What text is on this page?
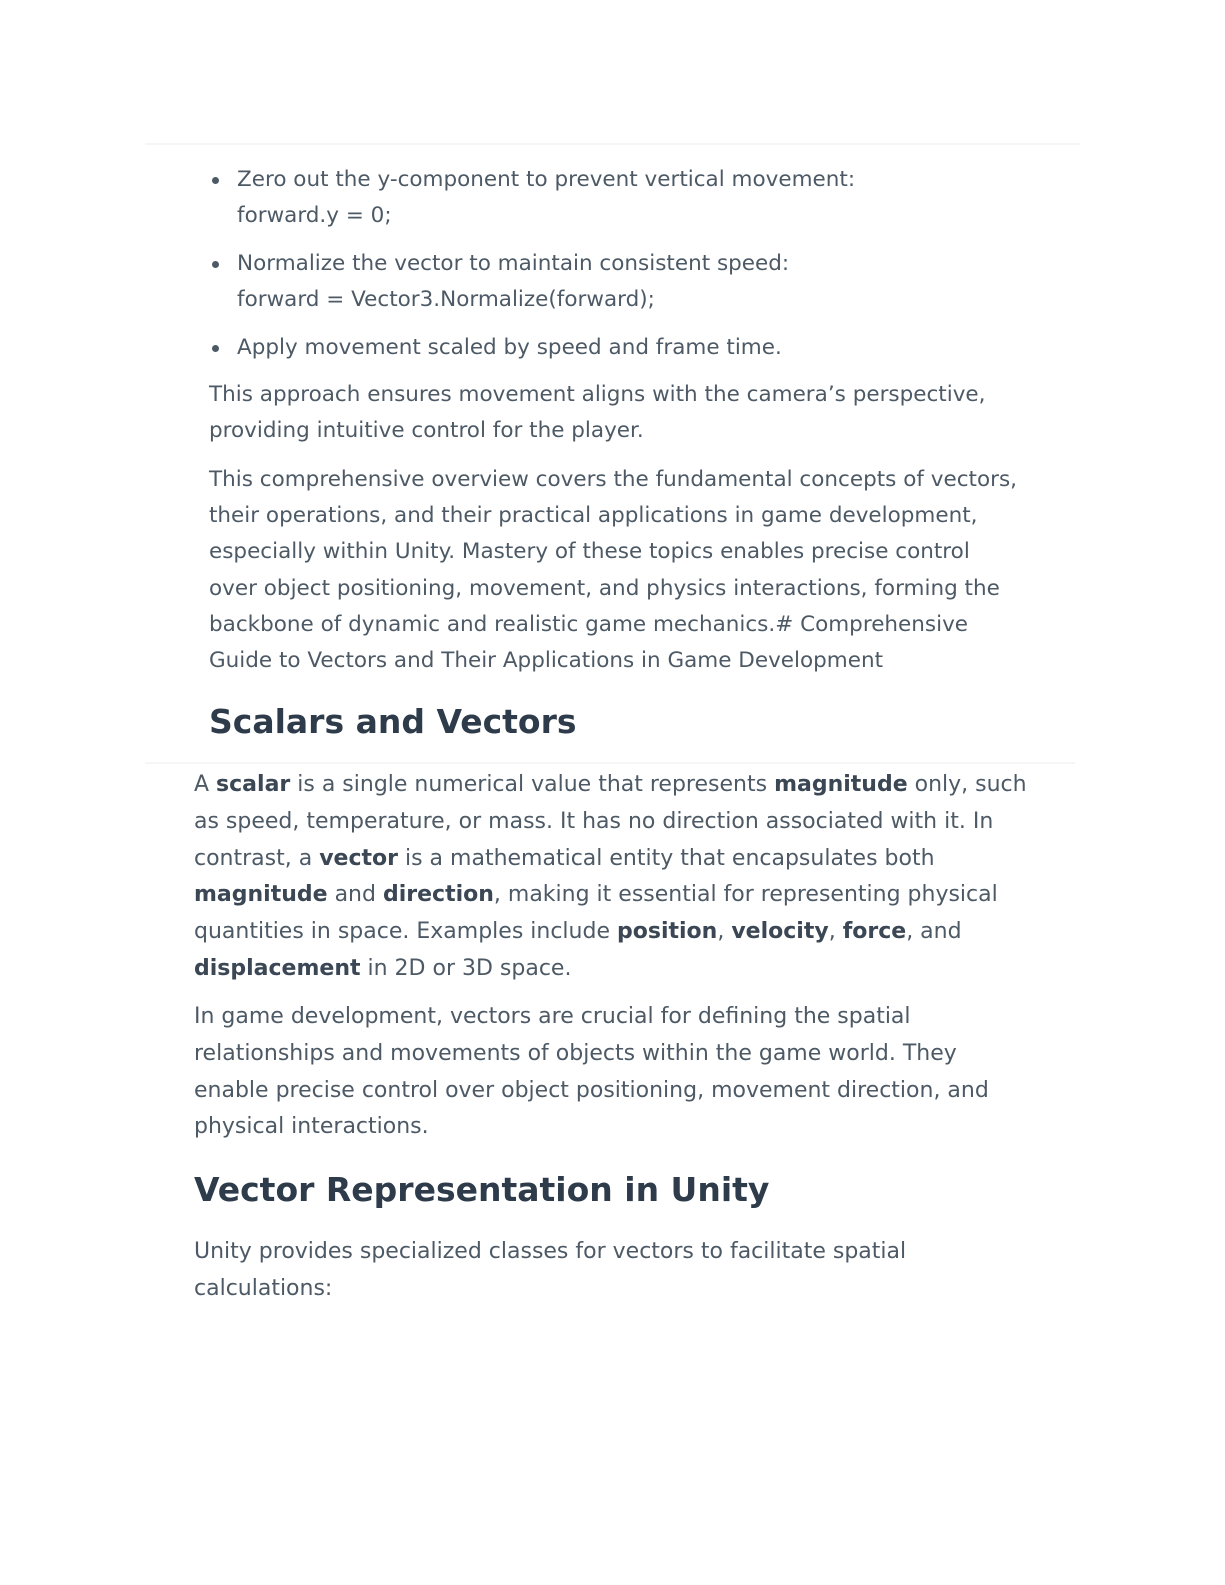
Zero out the y-component to prevent vertical movement:
forward.y = 0;
Normalize the vector to maintain consistent speed:
forward = Vector3.Normalize(forward);
Apply movement scaled by speed and frame time.

This approach ensures movement aligns with the camera’s perspective,
providing intuitive control for the player.

This comprehensive overview covers the fundamental concepts of vectors,
their operations, and their practical applications in game development,
especially within Unity. Mastery of these topics enables precise control
over object positioning, movement, and physics interactions, forming the
backbone of dynamic and realistic game mechanics.# Comprehensive
Guide to Vectors and Their Applications in Game Development

Scalars and Vectors

A scalar is a single numerical value that represents magnitude only, such
as speed, temperature, or mass. It has no direction associated with it. In
contrast, a vector is a mathematical entity that encapsulates both
magnitude and direction, making it essential for representing physical
quantities in space. Examples include position, velocity, force, and
displacement in 2D or 3D space.

In game development, vectors are crucial for defining the spatial
relationships and movements of objects within the game world. They
enable precise control over object positioning, movement direction, and
physical interactions.

Vector Representation in Unity

Unity provides specialized classes for vectors to facilitate spatial
calculations:
